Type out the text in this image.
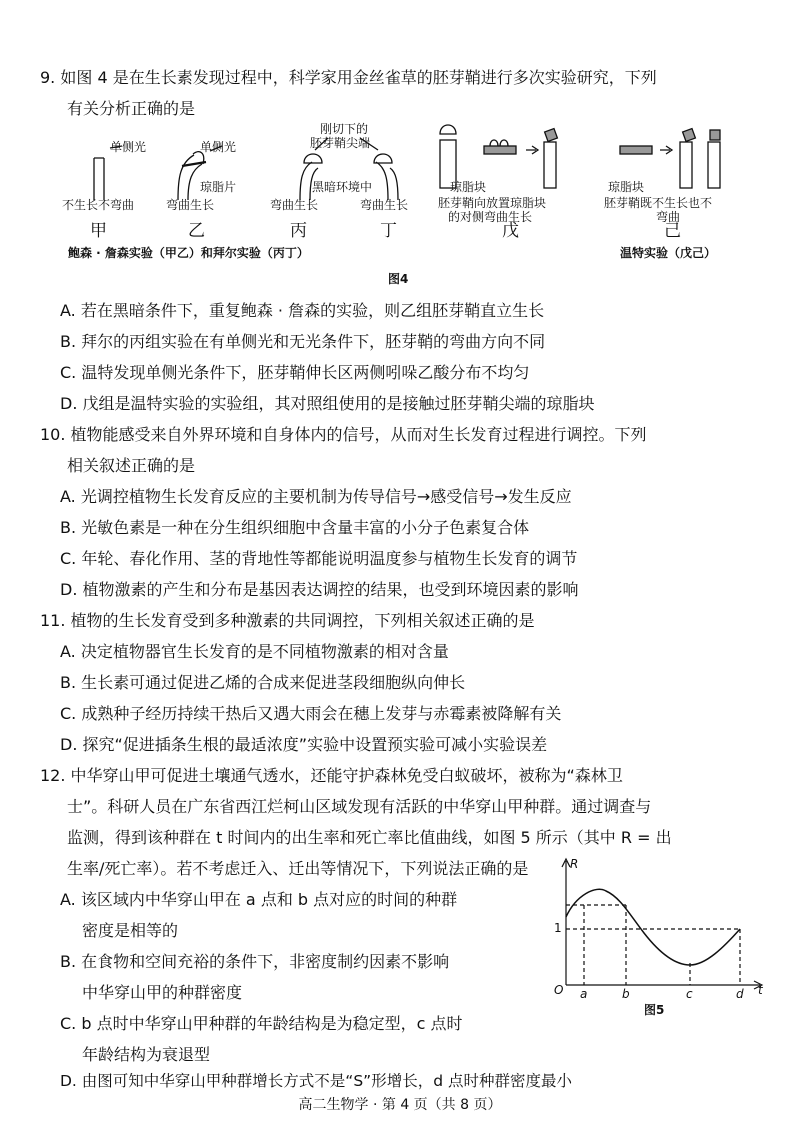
9. 如图 4 是在生长素发现过程中，科学家用金丝雀草的胚芽鞘进行多次实验研究，下列
有关分析正确的是
单侧光	单侧光
刚切下的
胚芽鞘尖端
琼脂片	黑暗环境中	琼脂块	琼脂块
不生长不弯曲	弯曲生长	弯曲生长	弯曲生长 胚芽鞘向放置琼脂块
的对侧弯曲生长
胚芽鞘既不生长也不
弯曲
甲	乙	丙	丁	戊	己
鲍森 · 詹森实验（甲乙）和拜尔实验（丙丁）	温特实验（戊己）
图4
A. 若在黑暗条件下，重复鲍森 · 詹森的实验，则乙组胚芽鞘直立生长
B. 拜尔的丙组实验在有单侧光和无光条件下，胚芽鞘的弯曲方向不同
C. 温特发现单侧光条件下，胚芽鞘伸长区两侧吲哚乙酸分布不均匀
D. 戊组是温特实验的实验组，其对照组使用的是接触过胚芽鞘尖端的琼脂块
10. 植物能感受来自外界环境和自身体内的信号，从而对生长发育过程进行调控。下列
相关叙述正确的是
A. 光调控植物生长发育反应的主要机制为传导信号→感受信号→发生反应
B. 光敏色素是一种在分生组织细胞中含量丰富的小分子色素复合体
C. 年轮、春化作用、茎的背地性等都能说明温度参与植物生长发育的调节
D. 植物激素的产生和分布是基因表达调控的结果，也受到环境因素的影响
11. 植物的生长发育受到多种激素的共同调控，下列相关叙述正确的是
A. 决定植物器官生长发育的是不同植物激素的相对含量
B. 生长素可通过促进乙烯的合成来促进茎段细胞纵向伸长
C. 成熟种子经历持续干热后又遇大雨会在穗上发芽与赤霉素被降解有关
D. 探究“促进插条生根的最适浓度”实验中设置预实验可减小实验误差
12. 中华穿山甲可促进土壤通气透水，还能守护森林免受白蚁破坏，被称为“森林卫
士”。科研人员在广东省西江烂柯山区域发现有活跃的中华穿山甲种群。通过调查与
监测，得到该种群在 t 时间内的出生率和死亡率比值曲线，如图 5 所示（其中 R = 出
生率/死亡率）。若不考虑迁入、迁出等情况下，下列说法正确的是
A. 该区域内中华穿山甲在 a 点和 b 点对应的时间的种群
密度是相等的
B. 在食物和空间充裕的条件下，非密度制约因素不影响
中华穿山甲的种群密度
C. b 点时中华穿山甲种群的年龄结构是为稳定型，c 点时
年龄结构为衰退型
D. 由图可知中华穿山甲种群增长方式不是“S”形增长，d 点时种群密度最小
R
1
O a	b	c	d t
图5
高二生物学 · 第 4 页（共 8 页）
